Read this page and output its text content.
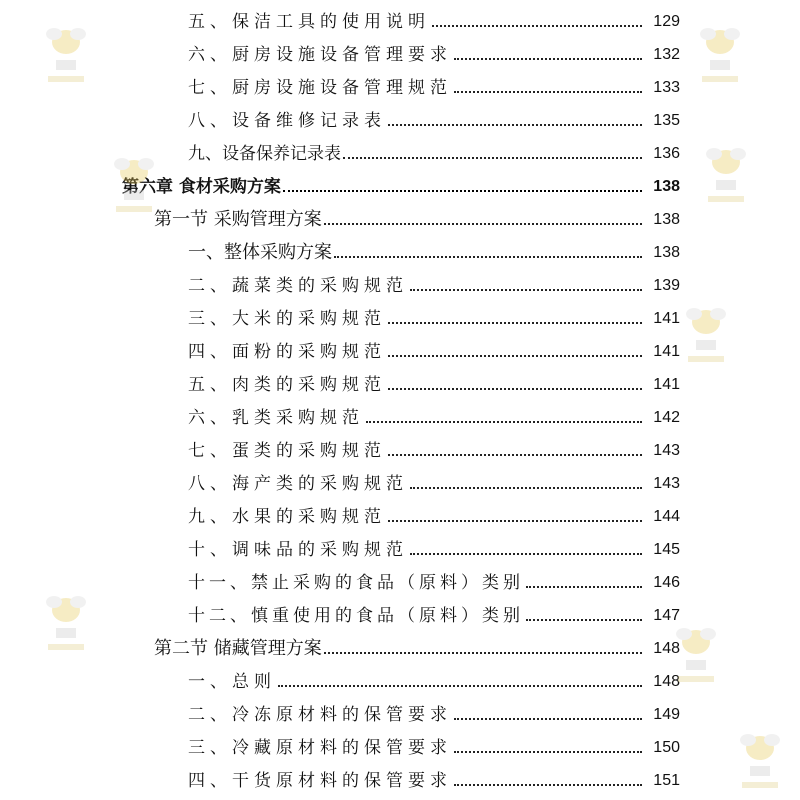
五、保洁工具的使用说明	129
六、厨房设施设备管理要求	132
七、厨房设施设备管理规范	133
八、设备维修记录表	135
九、设备保养记录表	136
第六章 食材采购方案	138
第一节 采购管理方案	138
一、整体采购方案	138
二、蔬菜类的采购规范	139
三、大米的采购规范	141
四、面粉的采购规范	141
五、肉类的采购规范	141
六、乳类采购规范	142
七、蛋类的采购规范	143
八、海产类的采购规范	143
九、水果的采购规范	144
十、调味品的采购规范	145
十一、禁止采购的食品（原料）类别	146
十二、慎重使用的食品（原料）类别	147
第二节 储藏管理方案	148
一、总则	148
二、冷冻原材料的保管要求	149
三、冷藏原材料的保管要求	150
四、干货原材料的保管要求	151
